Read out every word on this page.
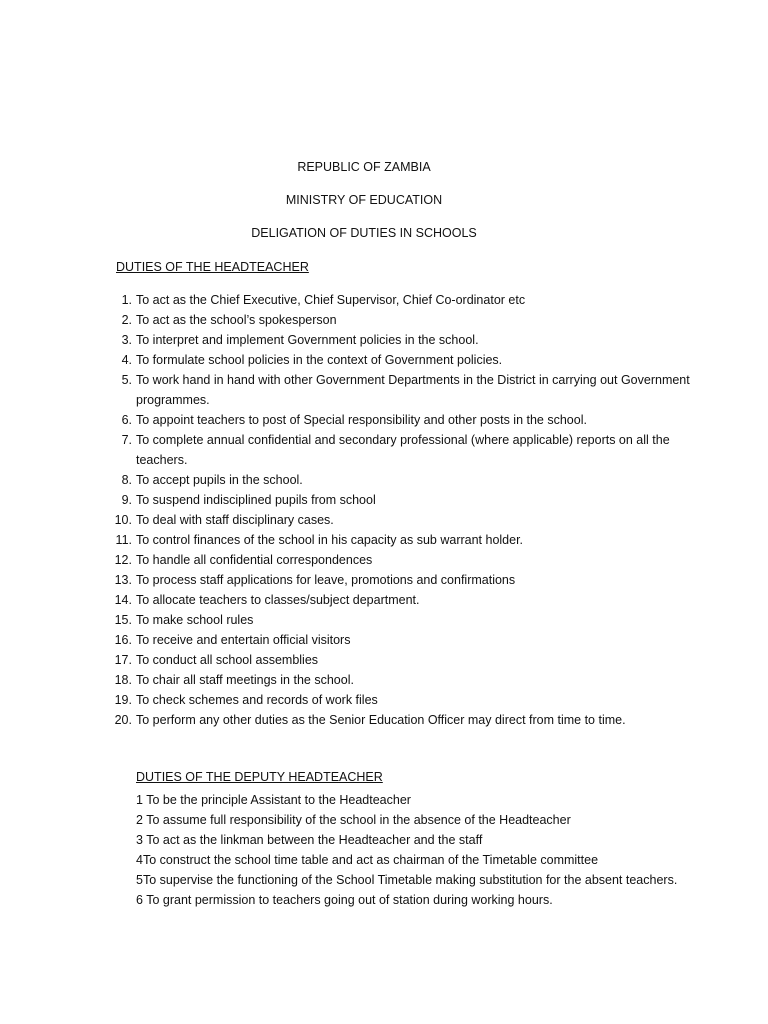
REPUBLIC OF ZAMBIA
MINISTRY OF EDUCATION
DELIGATION OF DUTIES IN SCHOOLS
DUTIES OF THE HEADTEACHER
1. To act as the Chief Executive, Chief Supervisor, Chief Co-ordinator etc
2. To act as the school’s spokesperson
3. To interpret and implement Government policies in the school.
4. To formulate school policies in the context of Government policies.
5. To work hand in hand with other Government Departments in the District in carrying out Government programmes.
6. To appoint teachers to post of Special responsibility and other posts in the school.
7. To complete annual confidential and secondary professional (where applicable) reports on all the teachers.
8. To accept pupils in the school.
9. To suspend indisciplined pupils from school
10. To deal with staff disciplinary cases.
11. To control finances of the school in his capacity as sub warrant holder.
12. To handle all confidential correspondences
13. To process staff applications for leave, promotions and confirmations
14. To allocate teachers to classes/subject department.
15. To make school rules
16. To receive and entertain official visitors
17. To conduct all school assemblies
18. To chair all staff meetings in the school.
19. To check schemes and records of work files
20. To perform any other duties as the Senior Education Officer may direct from time to time.
DUTIES OF THE DEPUTY HEADTEACHER
1 To be the principle Assistant to the Headteacher
2 To assume full responsibility of the school in the absence of the Headteacher
3 To act as the linkman between the Headteacher and the staff
4To construct the school time table and act as chairman of the Timetable committee
5To supervise the functioning of the School Timetable making substitution for the absent teachers.
6 To grant permission to teachers going out of station during working hours.
